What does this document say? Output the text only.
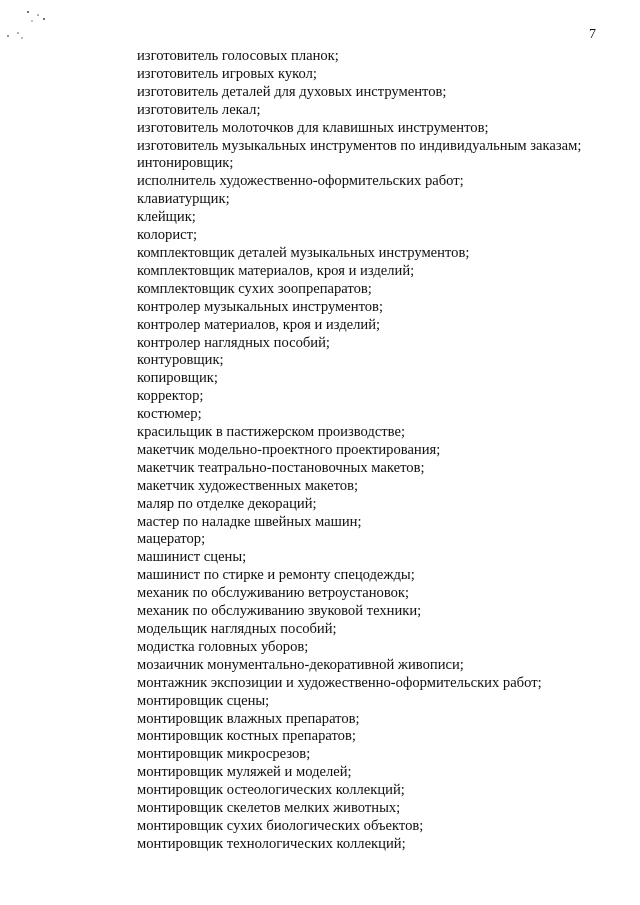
7
изготовитель голосовых планок;
изготовитель игровых кукол;
изготовитель деталей для духовых инструментов;
изготовитель лекал;
изготовитель молоточков для клавишных инструментов;
изготовитель музыкальных инструментов по индивидуальным заказам;
интонировщик;
исполнитель художественно-оформительских работ;
клавиатурщик;
клейщик;
колорист;
комплектовщик деталей музыкальных инструментов;
комплектовщик материалов, кроя и изделий;
комплектовщик сухих зоопрепаратов;
контролер музыкальных инструментов;
контролер материалов, кроя и изделий;
контролер наглядных пособий;
контуровщик;
копировщик;
корректор;
костюмер;
красильщик в пастижерском производстве;
макетчик модельно-проектного проектирования;
макетчик театрально-постановочных макетов;
макетчик художественных макетов;
маляр по отделке декораций;
мастер по наладке швейных машин;
мацератор;
машинист сцены;
машинист по стирке и ремонту спецодежды;
механик по обслуживанию ветроустановок;
механик по обслуживанию звуковой техники;
модельщик наглядных пособий;
модистка головных уборов;
мозаичник монументально-декоративной живописи;
монтажник экспозиции и художественно-оформительских работ;
монтировщик сцены;
монтировщик влажных препаратов;
монтировщик костных препаратов;
монтировщик микросрезов;
монтировщик муляжей и моделей;
монтировщик остеологических коллекций;
монтировщик скелетов мелких животных;
монтировщик сухих биологических объектов;
монтировщик технологических коллекций;
